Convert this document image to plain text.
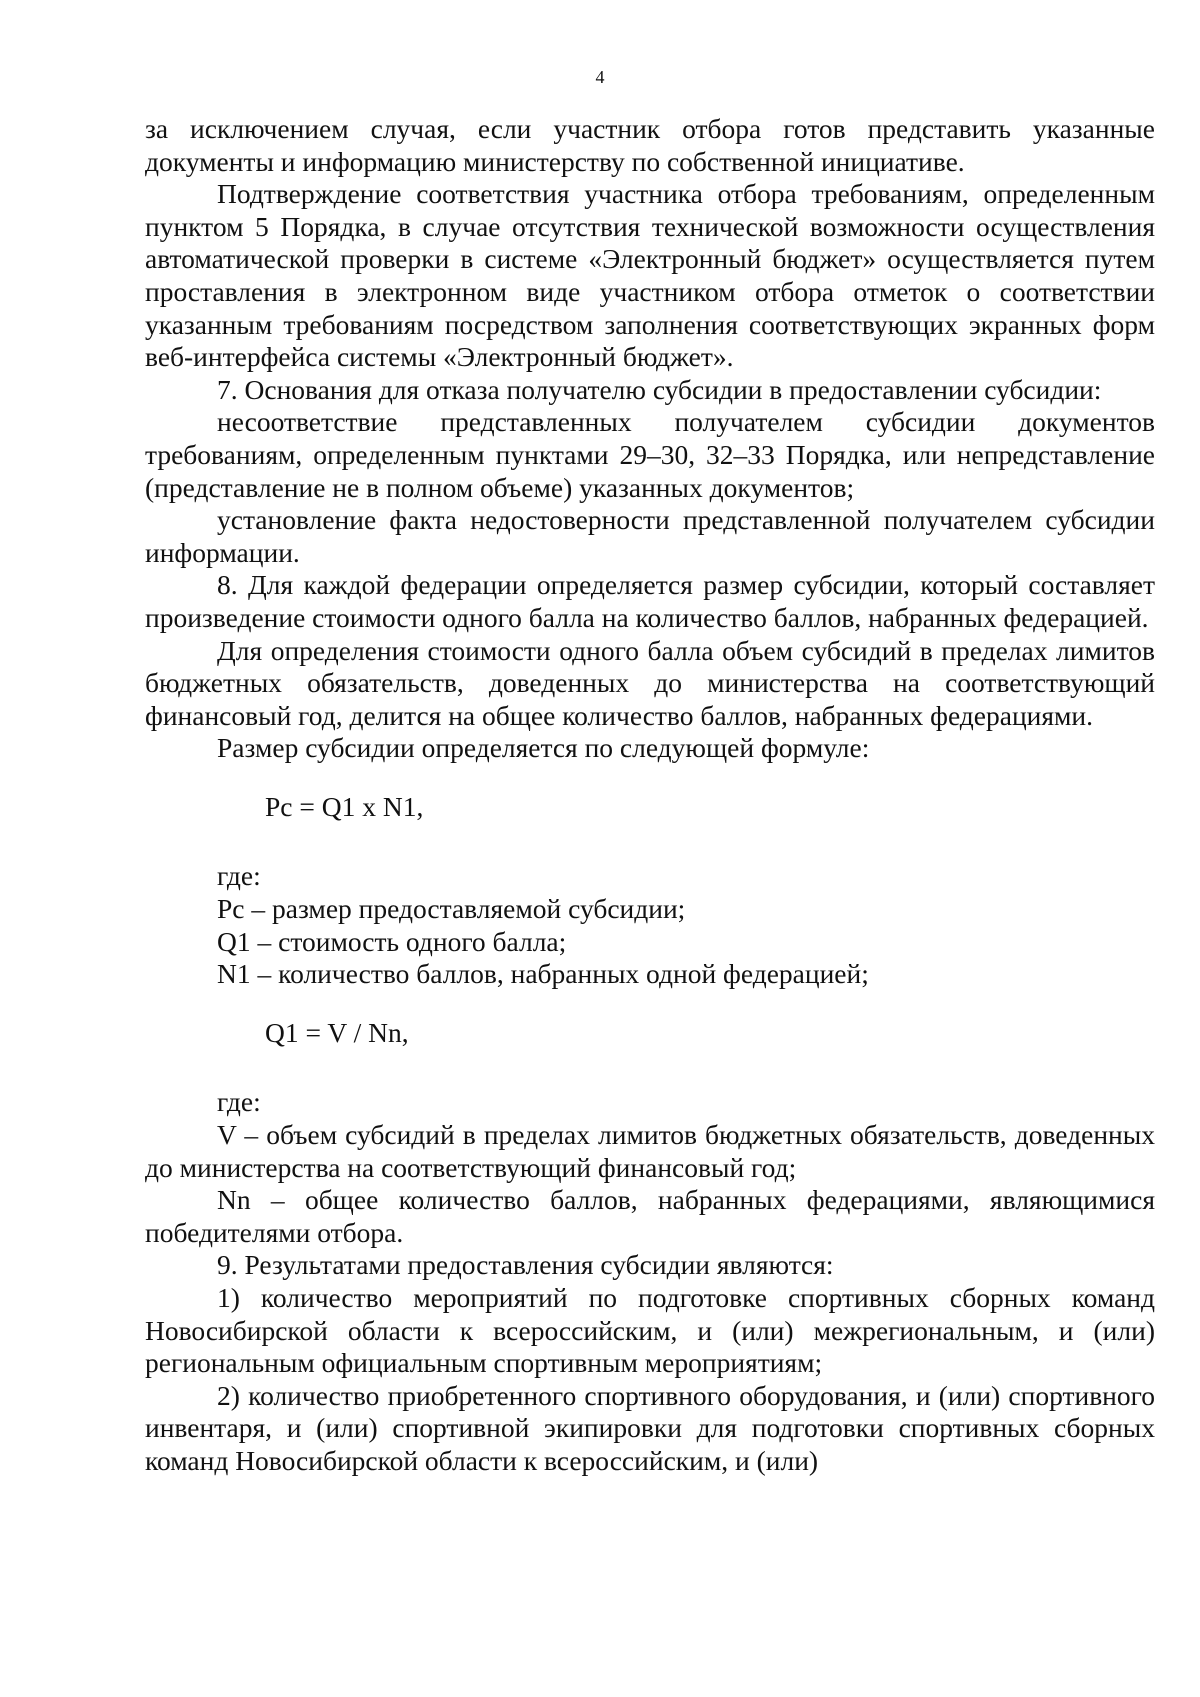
4

за исключением случая, если участник отбора готов представить указанные документы и информацию министерству по собственной инициативе.

Подтверждение соответствия участника отбора требованиям, определенным пунктом 5 Порядка, в случае отсутствия технической возможности осуществления автоматической проверки в системе «Электронный бюджет» осуществляется путем проставления в электронном виде участником отбора отметок о соответствии указанным требованиям посредством заполнения соответствующих экранных форм веб-интерфейса системы «Электронный бюджет».

7. Основания для отказа получателю субсидии в предоставлении субсидии:

несоответствие представленных получателем субсидии документов требованиям, определенным пунктами 29–30, 32–33 Порядка, или непредставление (представление не в полном объеме) указанных документов;

установление факта недостоверности представленной получателем субсидии информации.

8. Для каждой федерации определяется размер субсидии, который составляет произведение стоимости одного балла на количество баллов, набранных федерацией.

Для определения стоимости одного балла объем субсидий в пределах лимитов бюджетных обязательств, доведенных до министерства на соответствующий финансовый год, делится на общее количество баллов, набранных федерациями.

Размер субсидии определяется по следующей формуле:

Pc = Q1 x N1,

где:

Pc – размер предоставляемой субсидии;

Q1 – стоимость одного балла;

N1 – количество баллов, набранных одной федерацией;

Q1 = V / Nn,

где:

V – объем субсидий в пределах лимитов бюджетных обязательств, доведенных до министерства на соответствующий финансовый год;

Nn – общее количество баллов, набранных федерациями, являющимися победителями отбора.

9. Результатами предоставления субсидии являются:

1) количество мероприятий по подготовке спортивных сборных команд Новосибирской области к всероссийским, и (или) межрегиональным, и (или) региональным официальным спортивным мероприятиям;

2) количество приобретенного спортивного оборудования, и (или) спортивного инвентаря, и (или) спортивной экипировки для подготовки спортивных сборных команд Новосибирской области к всероссийским, и (или)
